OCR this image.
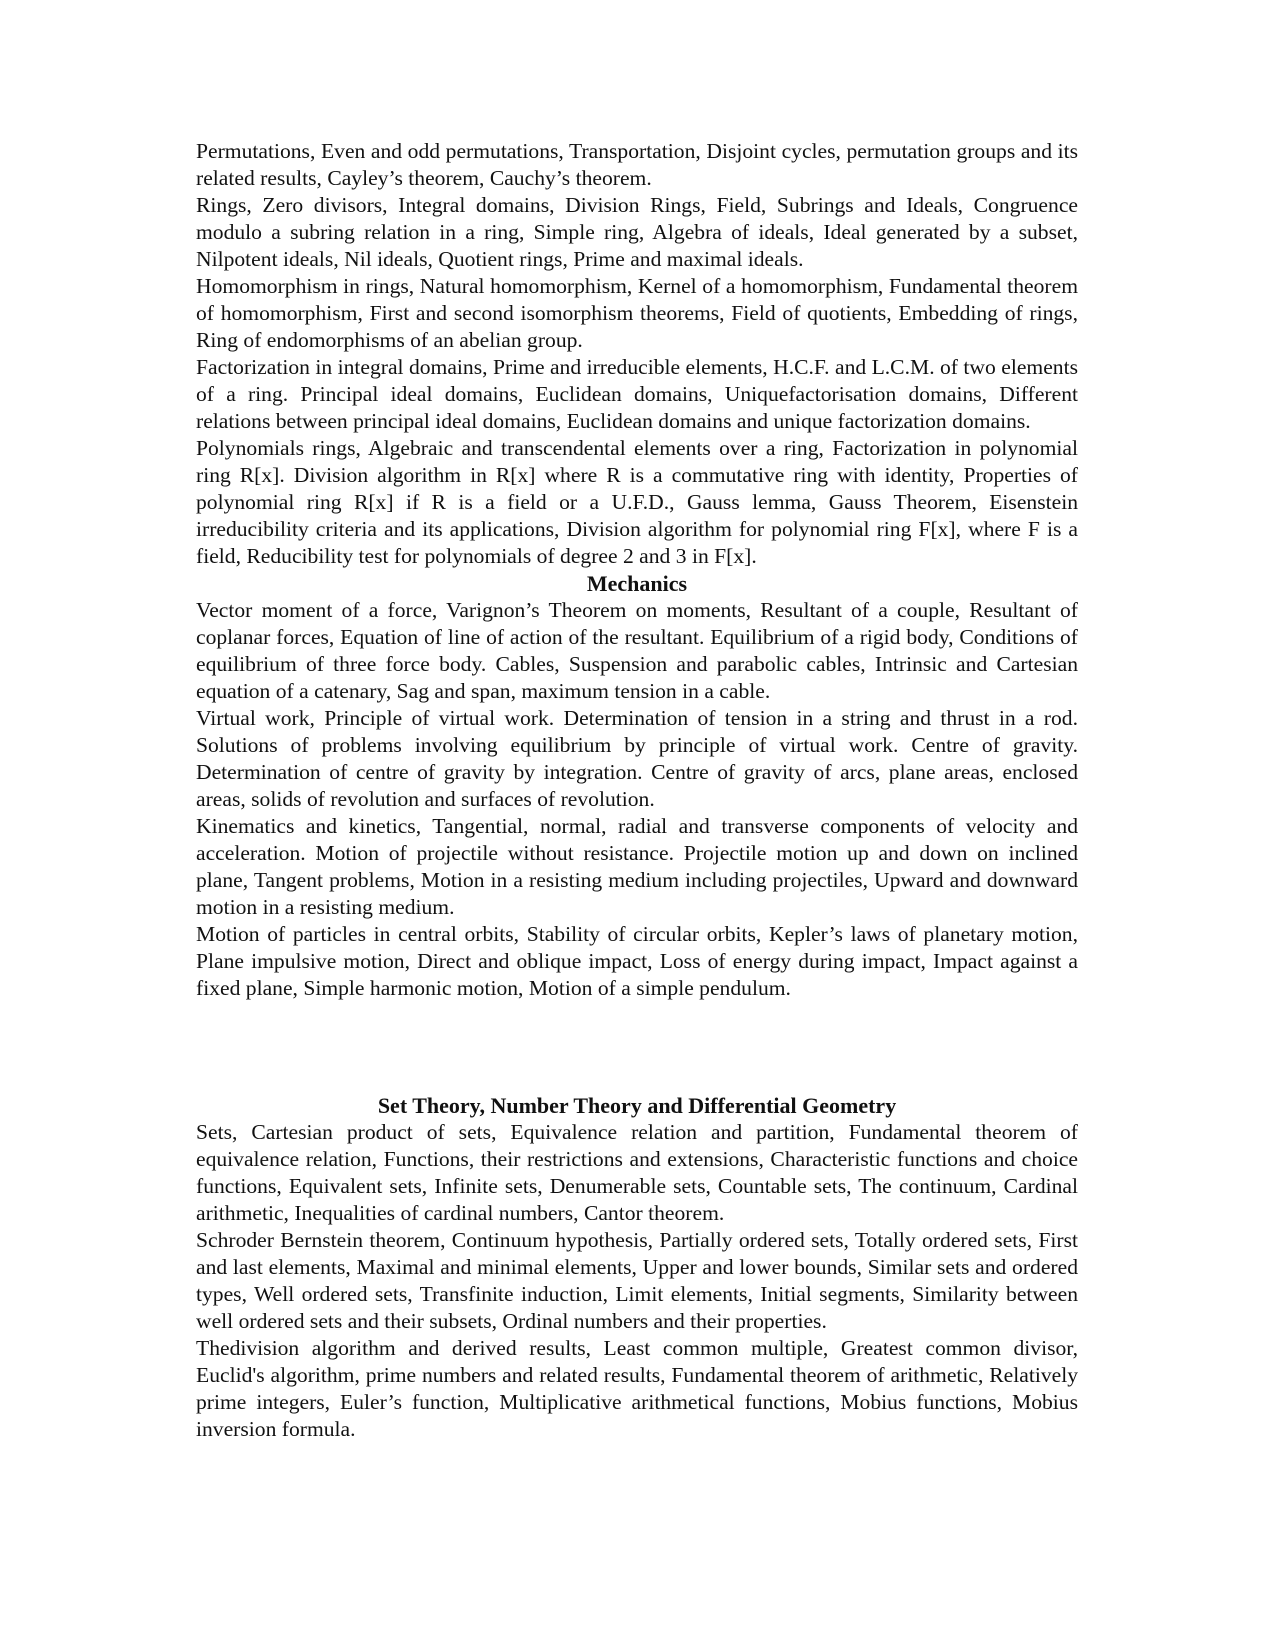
Permutations, Even and odd permutations, Transportation, Disjoint cycles, permutation groups and its related results, Cayley’s theorem, Cauchy’s theorem.

Rings, Zero divisors, Integral domains, Division Rings, Field, Subrings and Ideals, Congruence modulo a subring relation in a ring, Simple ring, Algebra of ideals, Ideal generated by a subset, Nilpotent ideals, Nil ideals, Quotient rings, Prime and maximal ideals.

Homomorphism in rings, Natural homomorphism, Kernel of a homomorphism, Fundamental theorem of homomorphism, First and second isomorphism theorems, Field of quotients, Embedding of rings, Ring of endomorphisms of an abelian group.

Factorization in integral domains, Prime and irreducible elements, H.C.F. and L.C.M. of two elements of a ring. Principal ideal domains, Euclidean domains, Uniquefactorisation domains, Different relations between principal ideal domains, Euclidean domains and unique factorization domains.

Polynomials rings, Algebraic and transcendental elements over a ring, Factorization in polynomial ring R[x]. Division algorithm in R[x] where R is a commutative ring with identity, Properties of polynomial ring R[x] if R is a field or a U.F.D., Gauss lemma, Gauss Theorem, Eisenstein irreducibility criteria and its applications, Division algorithm for polynomial ring F[x], where F is a field, Reducibility test for polynomials of degree 2 and 3 in F[x].

Mechanics

Vector moment of a force, Varignon’s Theorem on moments, Resultant of a couple, Resultant of coplanar forces, Equation of line of action of the resultant. Equilibrium of a rigid body, Conditions of equilibrium of three force body. Cables, Suspension and parabolic cables, Intrinsic and Cartesian equation of a catenary, Sag and span, maximum tension in a cable.

Virtual work, Principle of virtual work. Determination of tension in a string and thrust in a rod. Solutions of problems involving equilibrium by principle of virtual work. Centre of gravity. Determination of centre of gravity by integration. Centre of gravity of arcs, plane areas, enclosed areas, solids of revolution and surfaces of revolution.

Kinematics and kinetics, Tangential, normal, radial and transverse components of velocity and acceleration. Motion of projectile without resistance. Projectile motion up and down on inclined plane, Tangent problems, Motion in a resisting medium including projectiles, Upward and downward motion in a resisting medium.

Motion of particles in central orbits, Stability of circular orbits, Kepler’s laws of planetary motion, Plane impulsive motion, Direct and oblique impact, Loss of energy during impact, Impact against a fixed plane, Simple harmonic motion, Motion of a simple pendulum.

Set Theory, Number Theory and Differential Geometry

Sets, Cartesian product of sets, Equivalence relation and partition, Fundamental theorem of equivalence relation, Functions, their restrictions and extensions, Characteristic functions and choice functions, Equivalent sets, Infinite sets, Denumerable sets, Countable sets, The continuum, Cardinal arithmetic, Inequalities of cardinal numbers, Cantor theorem.

Schroder Bernstein theorem, Continuum hypothesis, Partially ordered sets, Totally ordered sets, First and last elements, Maximal and minimal elements, Upper and lower bounds, Similar sets and ordered types, Well ordered sets, Transfinite induction, Limit elements, Initial segments, Similarity between well ordered sets and their subsets, Ordinal numbers and their properties.

Thedivision algorithm and derived results, Least common multiple, Greatest common divisor, Euclid's algorithm, prime numbers and related results, Fundamental theorem of arithmetic, Relatively prime integers, Euler’s function, Multiplicative arithmetical functions, Mobius functions, Mobius inversion formula.
